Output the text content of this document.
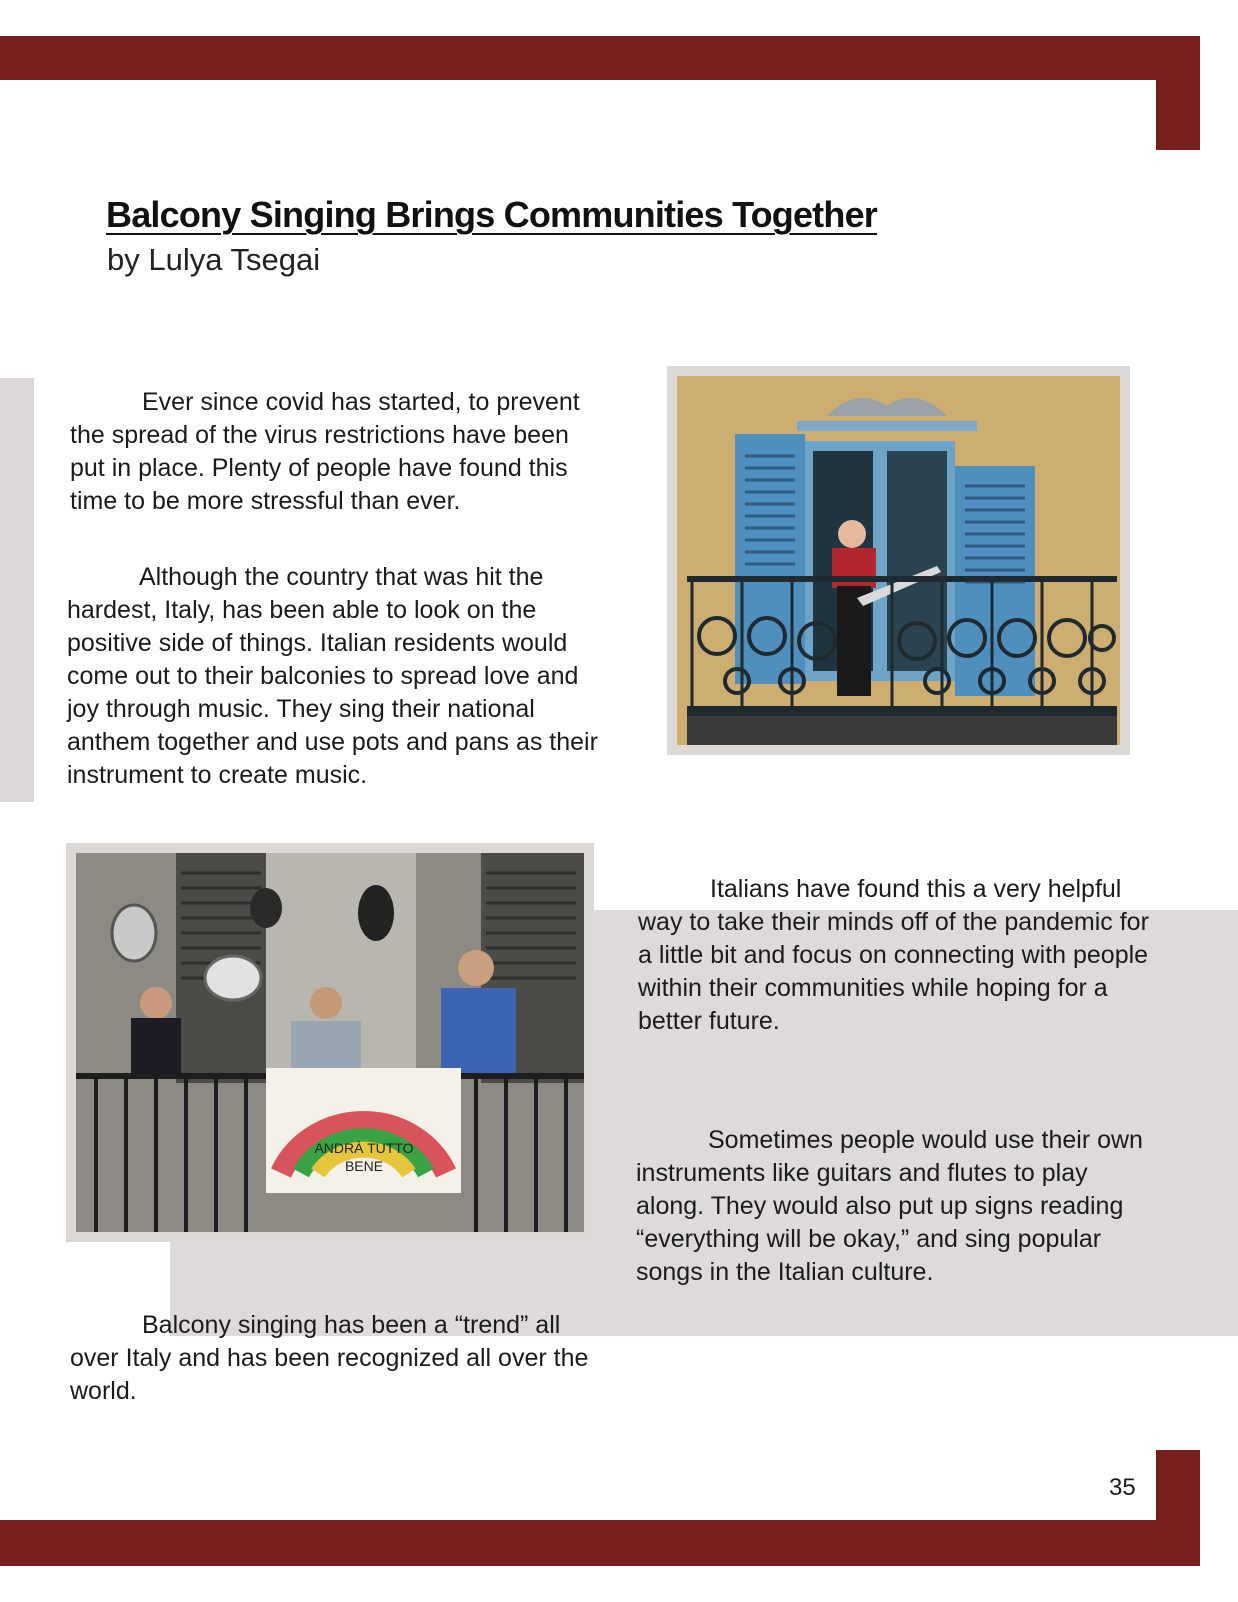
Balcony Singing Brings Communities Together
by Lulya Tsegai

Ever since covid has started, to prevent the spread of the virus restrictions have been put in place. Plenty of people have found this time to be more stressful than ever.

Although the country that was hit the hardest, Italy, has been able to look on the positive side of things. Italian residents would come out to their balconies to spread love and joy through music. They sing their national anthem together and use pots and pans as their instrument to create music.

ANDRÀ TUTTO
BENE

Italians have found this a very helpful way to take their minds off of the pandemic for a little bit and focus on connecting with people within their communities while hoping for a better future.

Sometimes people would use their own instruments like guitars and flutes to play along. They would also put up signs reading “everything will be okay,” and sing popular songs in the Italian culture.

Balcony singing has been a “trend” all over Italy and has been recognized all over the world.

35
